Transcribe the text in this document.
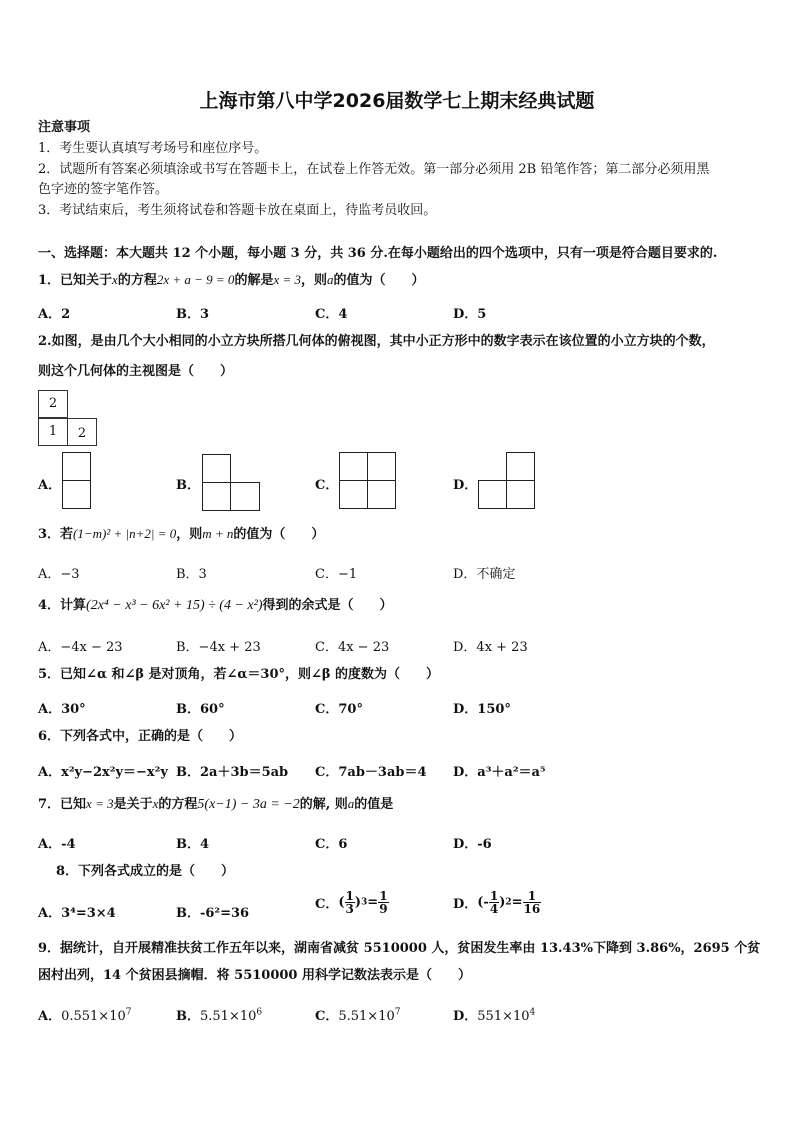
上海市第八中学2026届数学七上期末经典试题
注意事项
1．考生要认真填写考场号和座位序号。
2．试题所有答案必须填涂或书写在答题卡上，在试卷上作答无效。第一部分必须用 2B 铅笔作答；第二部分必须用黑
色字迹的签字笔作答。
3．考试结束后，考生须将试卷和答题卡放在桌面上，待监考员收回。
一、选择题：本大题共 12 个小题，每小题 3 分，共 36 分.在每小题给出的四个选项中，只有一项是符合题目要求的.
1．已知关于x的方程2x + a − 9 = 0的解是x = 3，则a的值为（　　）
A．2	B．3	C．4	D．5
2.如图，是由几个大小相同的小立方块所搭几何体的俯视图，其中小正方形中的数字表示在该位置的小立方块的个数，
则这个几何体的主视图是（　　）
2
1	2
A．	B．	C．	D．
3．若(1−m)² + |n+2| = 0，则m + n的值为（　　）
A．−3	B．3	C．−1	D．不确定
4．计算(2x⁴ − x³ − 6x² + 15) ÷ (4 − x²)得到的余式是（　　）
A．−4x − 23	B．−4x + 23	C．4x − 23	D．4x + 23
5．已知∠α 和∠β 是对顶角，若∠α＝30°，则∠β 的度数为（　　）
A．30°	B．60°	C．70°	D．150°
6．下列各式中，正确的是（　　）
A．x²y−2x²y＝−x²y B．2a＋3b＝5ab C．7ab－3ab＝4 D．a³＋a²＝a⁵
7．已知x = 3是关于x的方程5(x−1) − 3a = −2的解, 则a的值是
A．-4	B．4	C．6	D．-6
8．下列各式成立的是（　　）
A．3⁴=3×4	B．-6²=36
C．( $\frac{1}{3} )3= \frac{1}{9}$	D．(- $\frac{1}{4} )2= \frac{1}{16}$
9．据统计，自开展精准扶贫工作五年以来，湖南省减贫 5510000 人，贫困发生率由 13.43%下降到 3.86%，2695 个贫
困村出列，14 个贫困县摘帽．将 5510000 用科学记数法表示是（　　）
A．$0.551\times 10^7$	B．$5.51\times 10^6$	C．$5.51\times 10^7$	D．$551\times 10^4$
